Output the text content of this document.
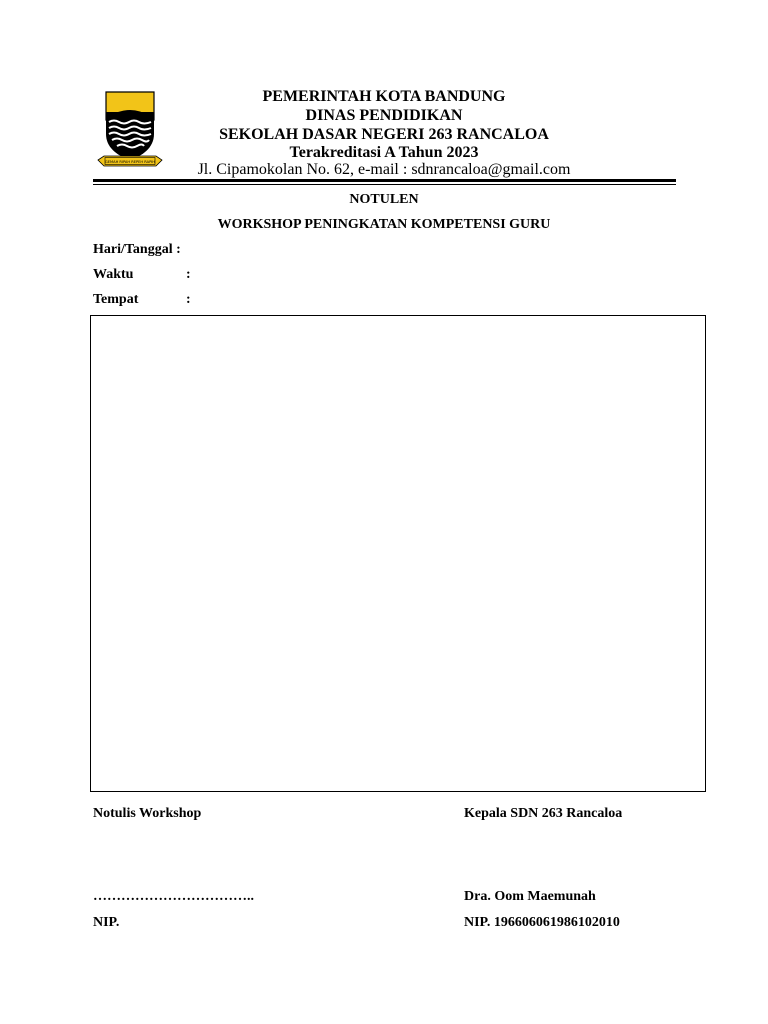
GEMAH RIPAH REPEH RAPIH
PEMERINTAH KOTA BANDUNG
DINAS PENDIDIKAN
SEKOLAH DASAR NEGERI 263 RANCALOA
Terakreditasi A Tahun 2023
Jl. Cipamokolan No. 62, e-mail : sdnrancaloa@gmail.com
NOTULEN
WORKSHOP PENINGKATAN KOMPETENSI GURU
Hari/Tanggal :
Waktu	:
Tempat	:
Notulis Workshop	Kepala SDN 263 Rancaloa
……………………………..	Dra. Oom Maemunah
NIP.	NIP. 196606061986102010
